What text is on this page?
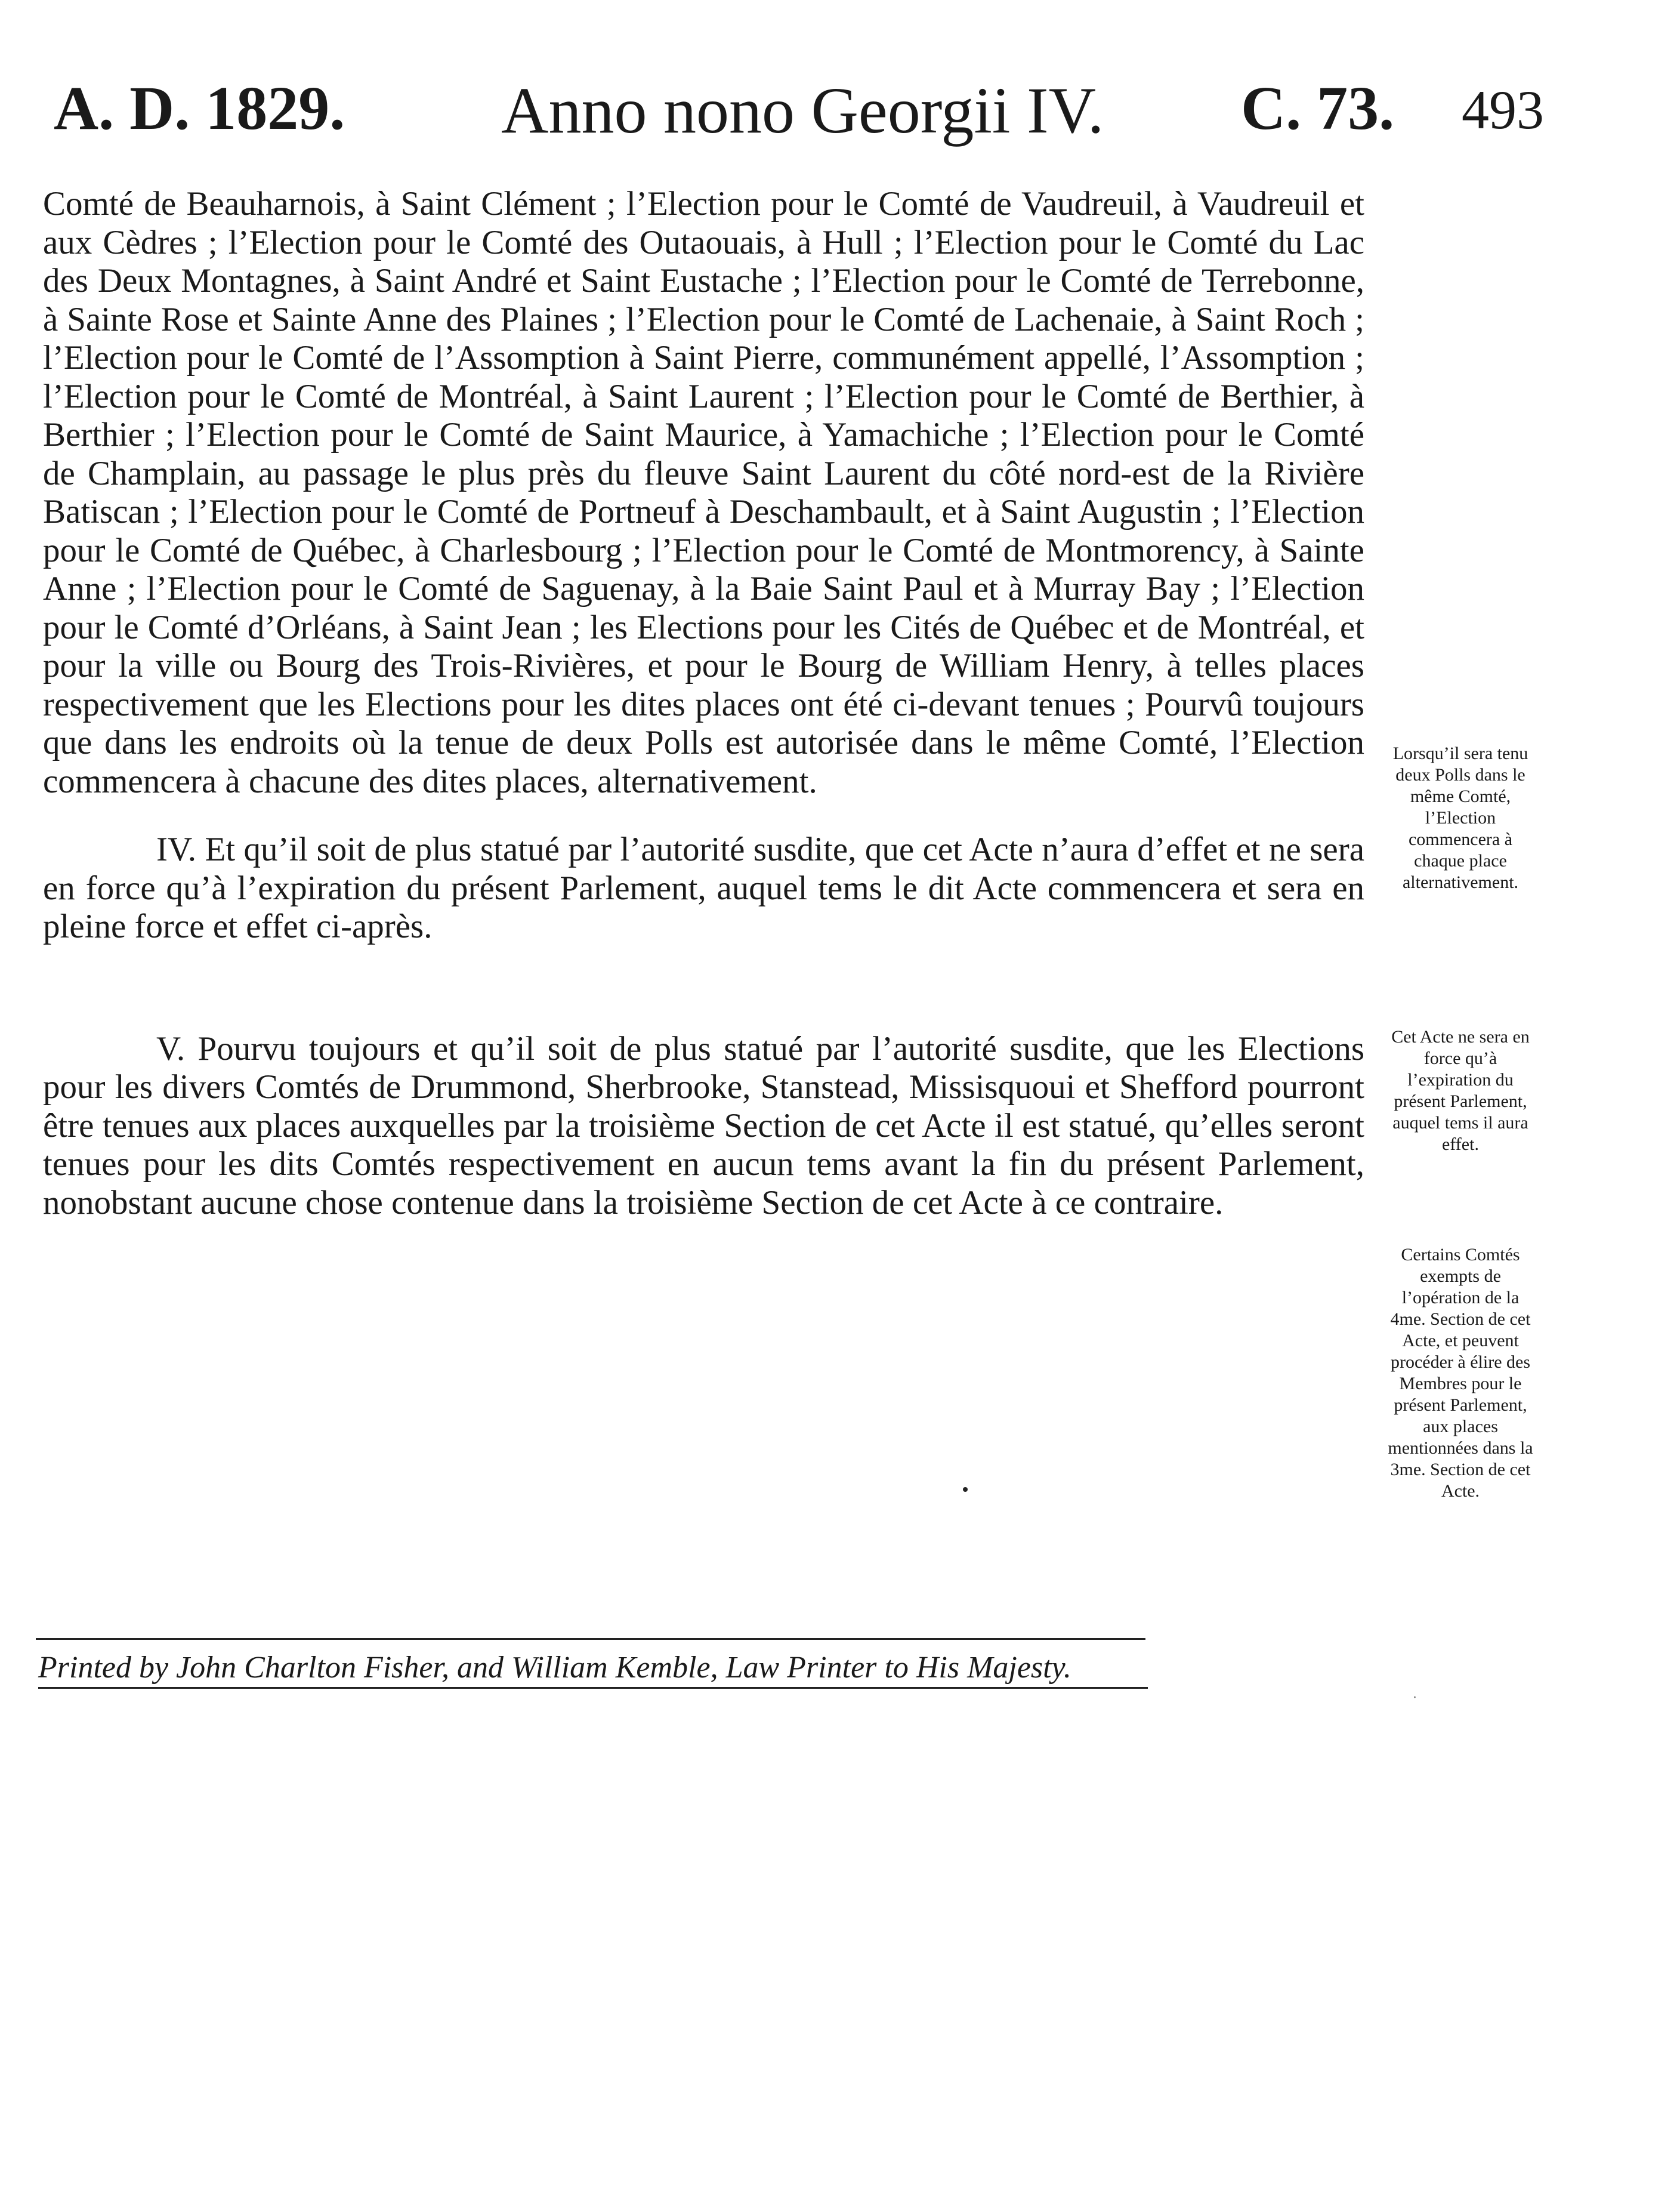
A. D. 1829. Anno nono Georgii IV. C. 73. 493

Comté de Beauharnois, à Saint Clément ; l’Election pour le Comté de Vaudreuil, à Vaudreuil et aux Cèdres ; l’Election pour le Comté des Outaouais, à Hull ; l’Election pour le Comté du Lac des Deux Montagnes, à Saint André et Saint Eustache ; l’Election pour le Comté de Terrebonne, à Sainte Rose et Sainte Anne des Plaines ; l’Election pour le Comté de Lachenaie, à Saint Roch ; l’Election pour le Comté de l’Assomption à Saint Pierre, communément appellé, l’Assomption ; l’Election pour le Comté de Montréal, à Saint Laurent ; l’Election pour le Comté de Berthier, à Berthier ; l’Election pour le Comté de Saint Maurice, à Yamachiche ; l’Election pour le Comté de Champlain, au passage le plus près du fleuve Saint Laurent du côté nord-est de la Rivière Batiscan ; l’Election pour le Comté de Portneuf à Deschambault, et à Saint Augustin ; l’Election pour le Comté de Québec, à Charlesbourg ; l’Election pour le Comté de Montmorency, à Sainte Anne ; l’Election pour le Comté de Saguenay, à la Baie Saint Paul et à Murray Bay ; l’Election pour le Comté d’Orléans, à Saint Jean ; les Elections pour les Cités de Québec et de Montréal, et pour la ville ou Bourg des Trois-Rivières, et pour le Bourg de William Henry, à telles places respectivement que les Elections pour les dites places ont été ci-devant tenues ; Pourvû toujours que dans les endroits où la tenue de deux Polls est autorisée dans le même Comté, l’Election commencera à chacune des dites places, alternativement.

IV. Et qu’il soit de plus statué par l’autorité susdite, que cet Acte n’aura d’effet et ne sera en force qu’à l’expiration du présent Parlement, auquel tems le dit Acte commencera et sera en pleine force et effet ci-après.

V. Pourvu toujours et qu’il soit de plus statué par l’autorité susdite, que les Elections pour les divers Comtés de Drummond, Sherbrooke, Stanstead, Missisquoui et Shefford pourront être tenues aux places auxquelles par la troisième Section de cet Acte il est statué, qu’elles seront tenues pour les dits Comtés respectivement en aucun tems avant la fin du présent Parlement, nonobstant aucune chose contenue dans la troisième Section de cet Acte à ce contraire.

Lorsqu’il sera tenu deux Polls dans le même Comté, l’Election commencera à chaque place alternativement.
Cet Acte ne sera en force qu’à l’expiration du présent Parlement, auquel tems il aura effet.
Certains Comtés exempts de l’opération de la 4me. Section de cet Acte, et peuvent procéder à élire des Membres pour le présent Parlement, aux places mentionnées dans la 3me. Section de cet Acte.
·
Printed by John Charlton Fisher, and William Kemble, Law Printer to His Majesty.
